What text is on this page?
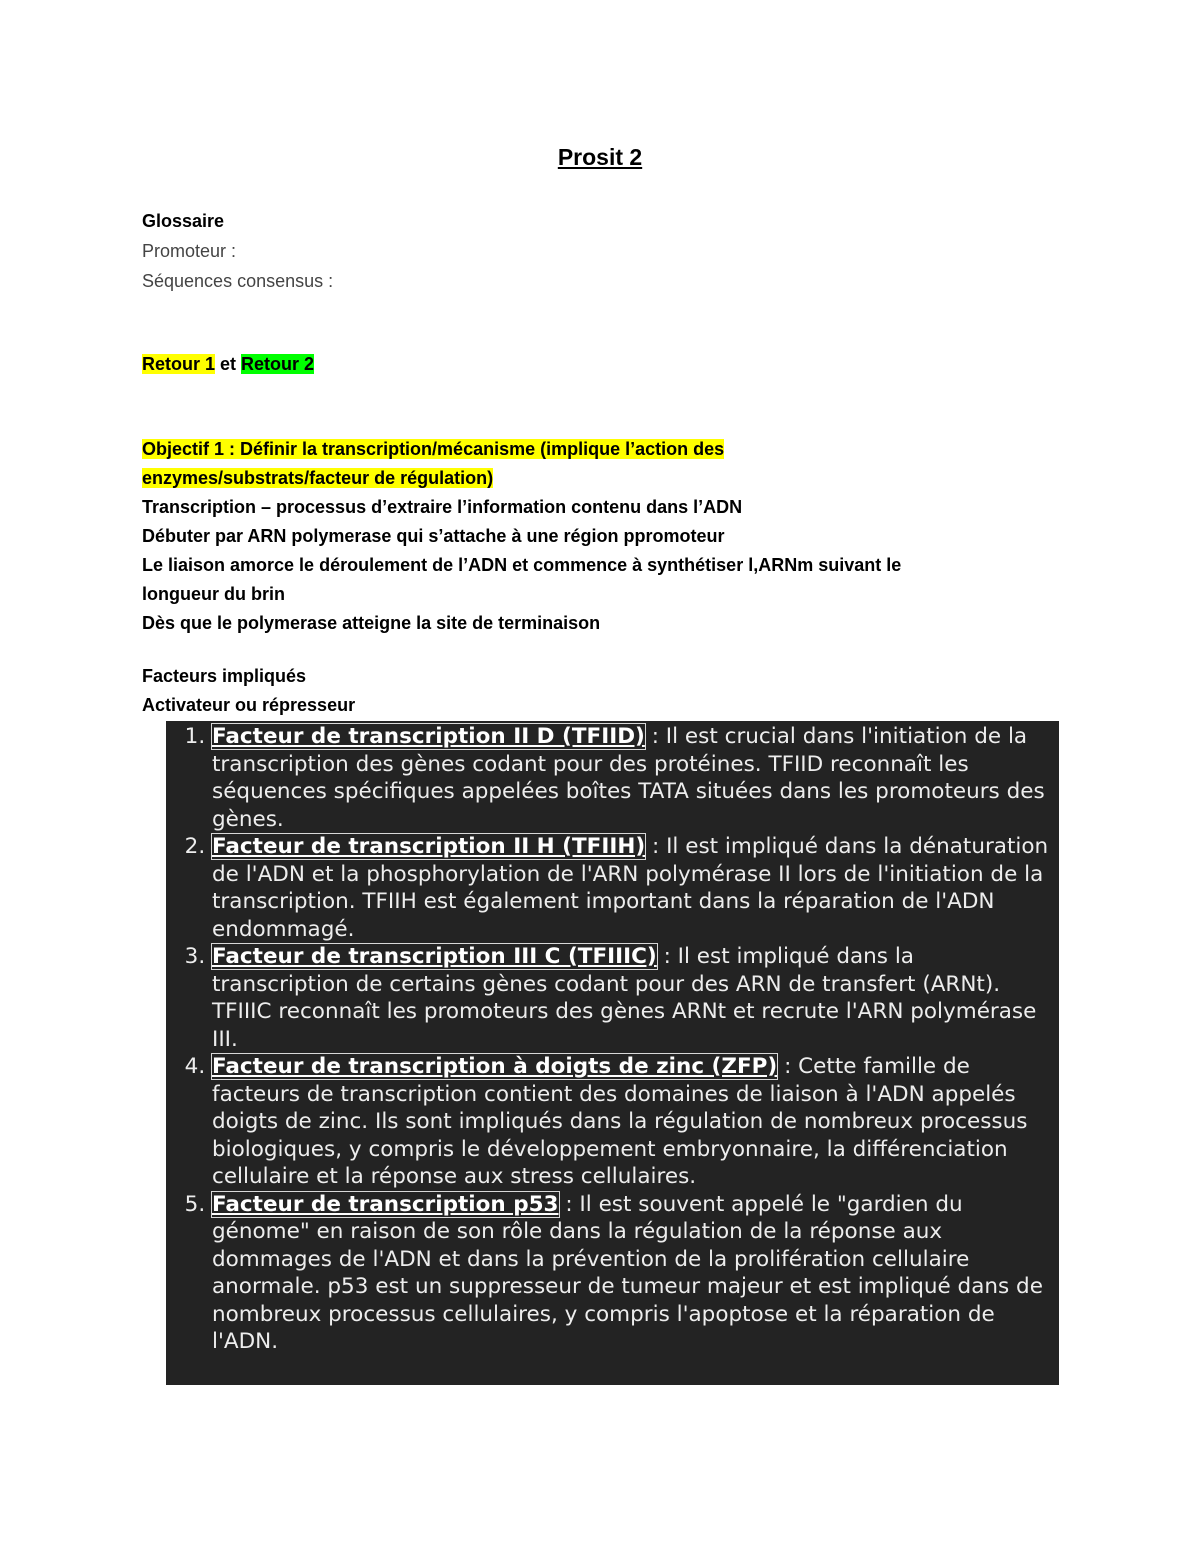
Prosit 2
Glossaire
Promoteur :
Séquences consensus :
Retour 1 et Retour 2
Objectif 1 : Définir la transcription/mécanisme (implique l’action des
enzymes/substrats/facteur de régulation)
Transcription – processus d’extraire l’information contenu dans l’ADN
Débuter par ARN polymerase qui s’attache à une région ppromoteur
Le liaison amorce le déroulement de l’ADN et commence à synthétiser l,ARNm suivant le
longueur du brin
Dès que le polymerase atteigne la site de terminaison
Facteurs impliqués
Activateur ou répresseur
1. Facteur de transcription II D (TFIID) : Il est crucial dans l'initiation de la transcription des gènes codant pour des protéines. TFIID reconnaît les séquences spécifiques appelées boîtes TATA situées dans les promoteurs des gènes.
2. Facteur de transcription II H (TFIIH) : Il est impliqué dans la dénaturation de l'ADN et la phosphorylation de l'ARN polymérase II lors de l'initiation de la transcription. TFIIH est également important dans la réparation de l'ADN endommagé.
3. Facteur de transcription III C (TFIIIC) : Il est impliqué dans la transcription de certains gènes codant pour des ARN de transfert (ARNt). TFIIIC reconnaît les promoteurs des gènes ARNt et recrute l'ARN polymérase III.
4. Facteur de transcription à doigts de zinc (ZFP) : Cette famille de facteurs de transcription contient des domaines de liaison à l'ADN appelés doigts de zinc. Ils sont impliqués dans la régulation de nombreux processus biologiques, y compris le développement embryonnaire, la différenciation cellulaire et la réponse aux stress cellulaires.
5. Facteur de transcription p53 : Il est souvent appelé le "gardien du génome" en raison de son rôle dans la régulation de la réponse aux dommages de l'ADN et dans la prévention de la prolifération cellulaire anormale. p53 est un suppresseur de tumeur majeur et est impliqué dans de nombreux processus cellulaires, y compris l'apoptose et la réparation de l'ADN.
